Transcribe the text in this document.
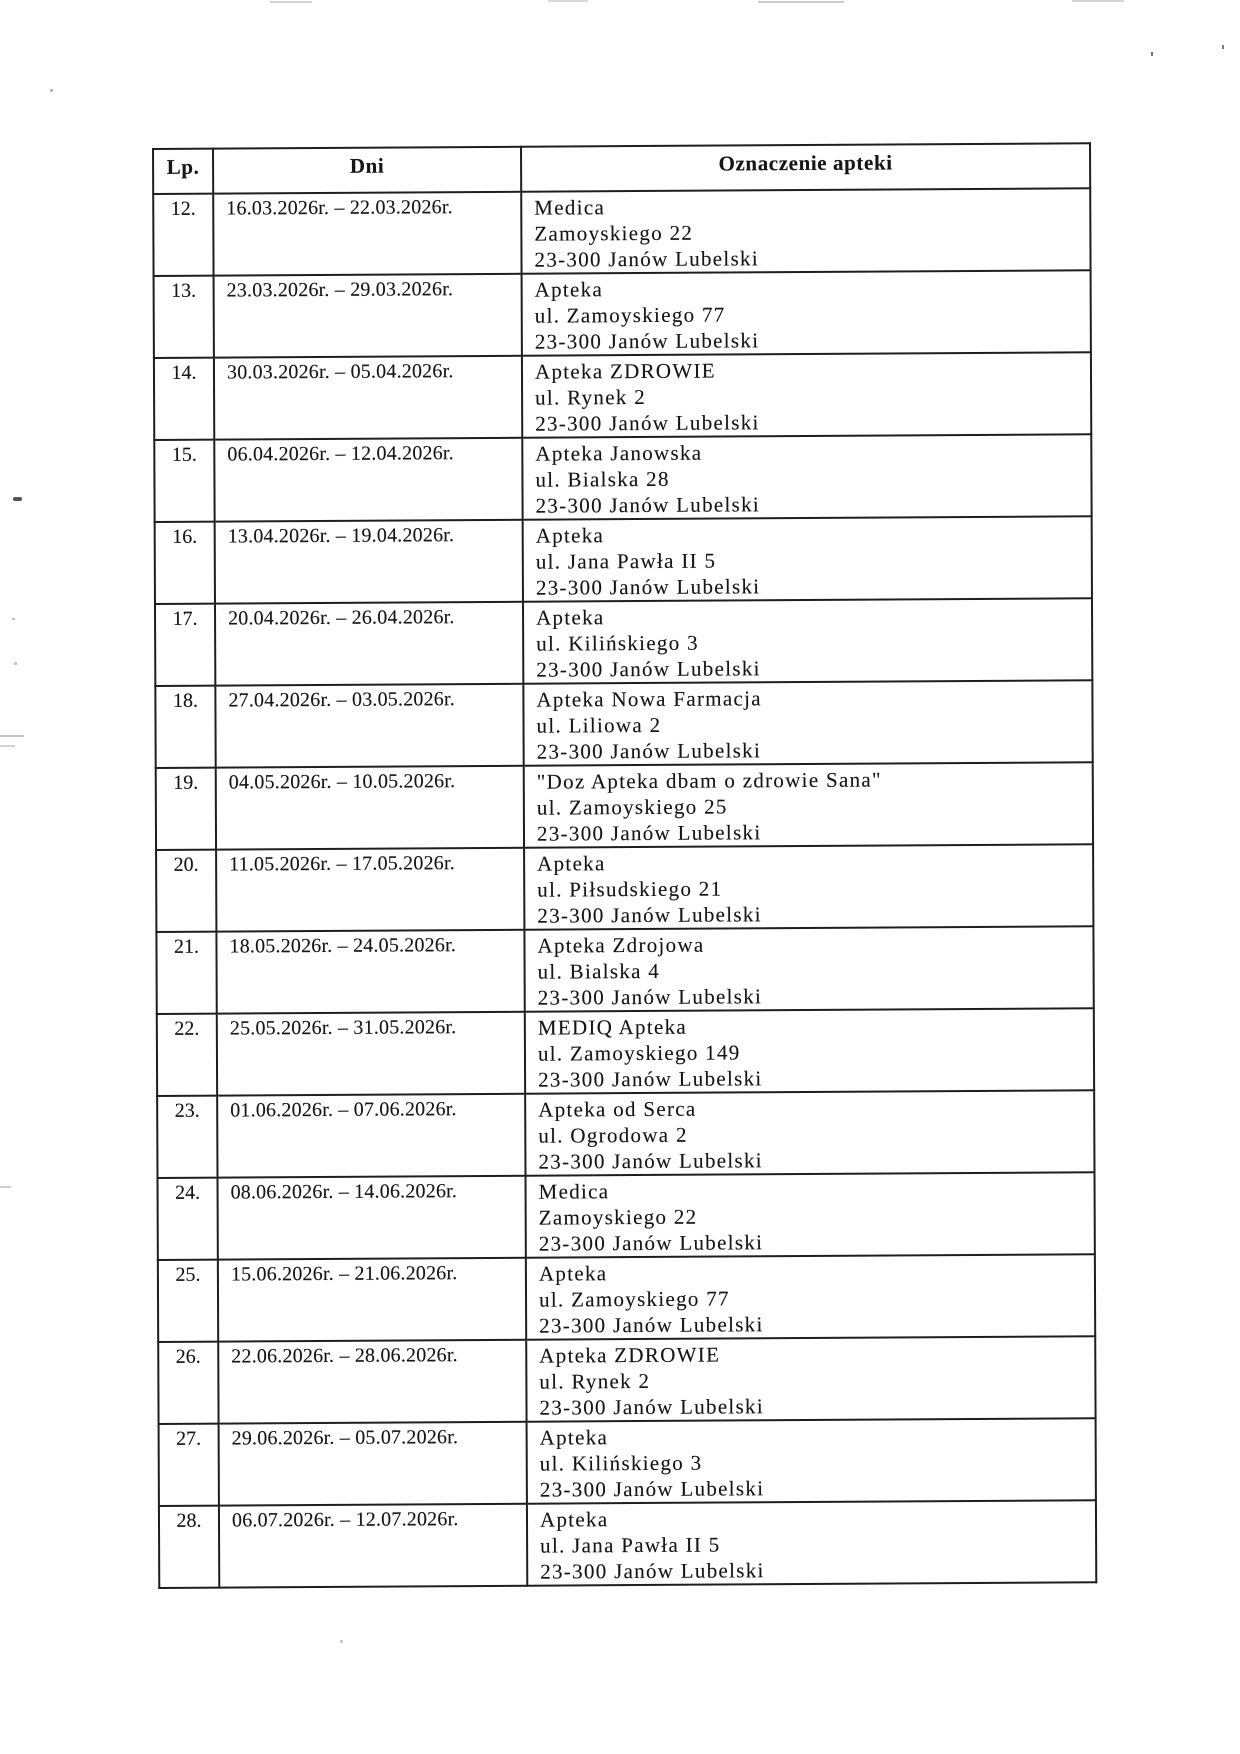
Lp.	Dni	Oznaczenie apteki
12.	16.03.2026r. – 22.03.2026r.	Medica
Zamoyskiego 22
23-300 Janów Lubelski

13.	23.03.2026r. – 29.03.2026r.	Apteka
ul. Zamoyskiego 77
23-300 Janów Lubelski

14.	30.03.2026r. – 05.04.2026r.	Apteka ZDROWIE
ul. Rynek 2
23-300 Janów Lubelski

15.	06.04.2026r. – 12.04.2026r.	Apteka Janowska
ul. Bialska 28
23-300 Janów Lubelski

16.	13.04.2026r. – 19.04.2026r.	Apteka
ul. Jana Pawła II 5
23-300 Janów Lubelski

17.	20.04.2026r. – 26.04.2026r.	Apteka
ul. Kilińskiego 3
23-300 Janów Lubelski

18.	27.04.2026r. – 03.05.2026r.	Apteka Nowa Farmacja
ul. Liliowa 2
23-300 Janów Lubelski

19.	04.05.2026r. – 10.05.2026r.	"Doz Apteka dbam o zdrowie Sana"
ul. Zamoyskiego 25
23-300 Janów Lubelski

20.	11.05.2026r. – 17.05.2026r.	Apteka
ul. Piłsudskiego 21
23-300 Janów Lubelski

21.	18.05.2026r. – 24.05.2026r.	Apteka Zdrojowa
ul. Bialska 4
23-300 Janów Lubelski

22.	25.05.2026r. – 31.05.2026r.	MEDIQ Apteka
ul. Zamoyskiego 149
23-300 Janów Lubelski

23.	01.06.2026r. – 07.06.2026r.	Apteka od Serca
ul. Ogrodowa 2
23-300 Janów Lubelski

24.	08.06.2026r. – 14.06.2026r.	Medica
Zamoyskiego 22
23-300 Janów Lubelski

25.	15.06.2026r. – 21.06.2026r.	Apteka
ul. Zamoyskiego 77
23-300 Janów Lubelski

26.	22.06.2026r. – 28.06.2026r.	Apteka ZDROWIE
ul. Rynek 2
23-300 Janów Lubelski

27.	29.06.2026r. – 05.07.2026r.	Apteka
ul. Kilińskiego 3
23-300 Janów Lubelski

28.	06.07.2026r. – 12.07.2026r.	Apteka
ul. Jana Pawła II 5
23-300 Janów Lubelski
